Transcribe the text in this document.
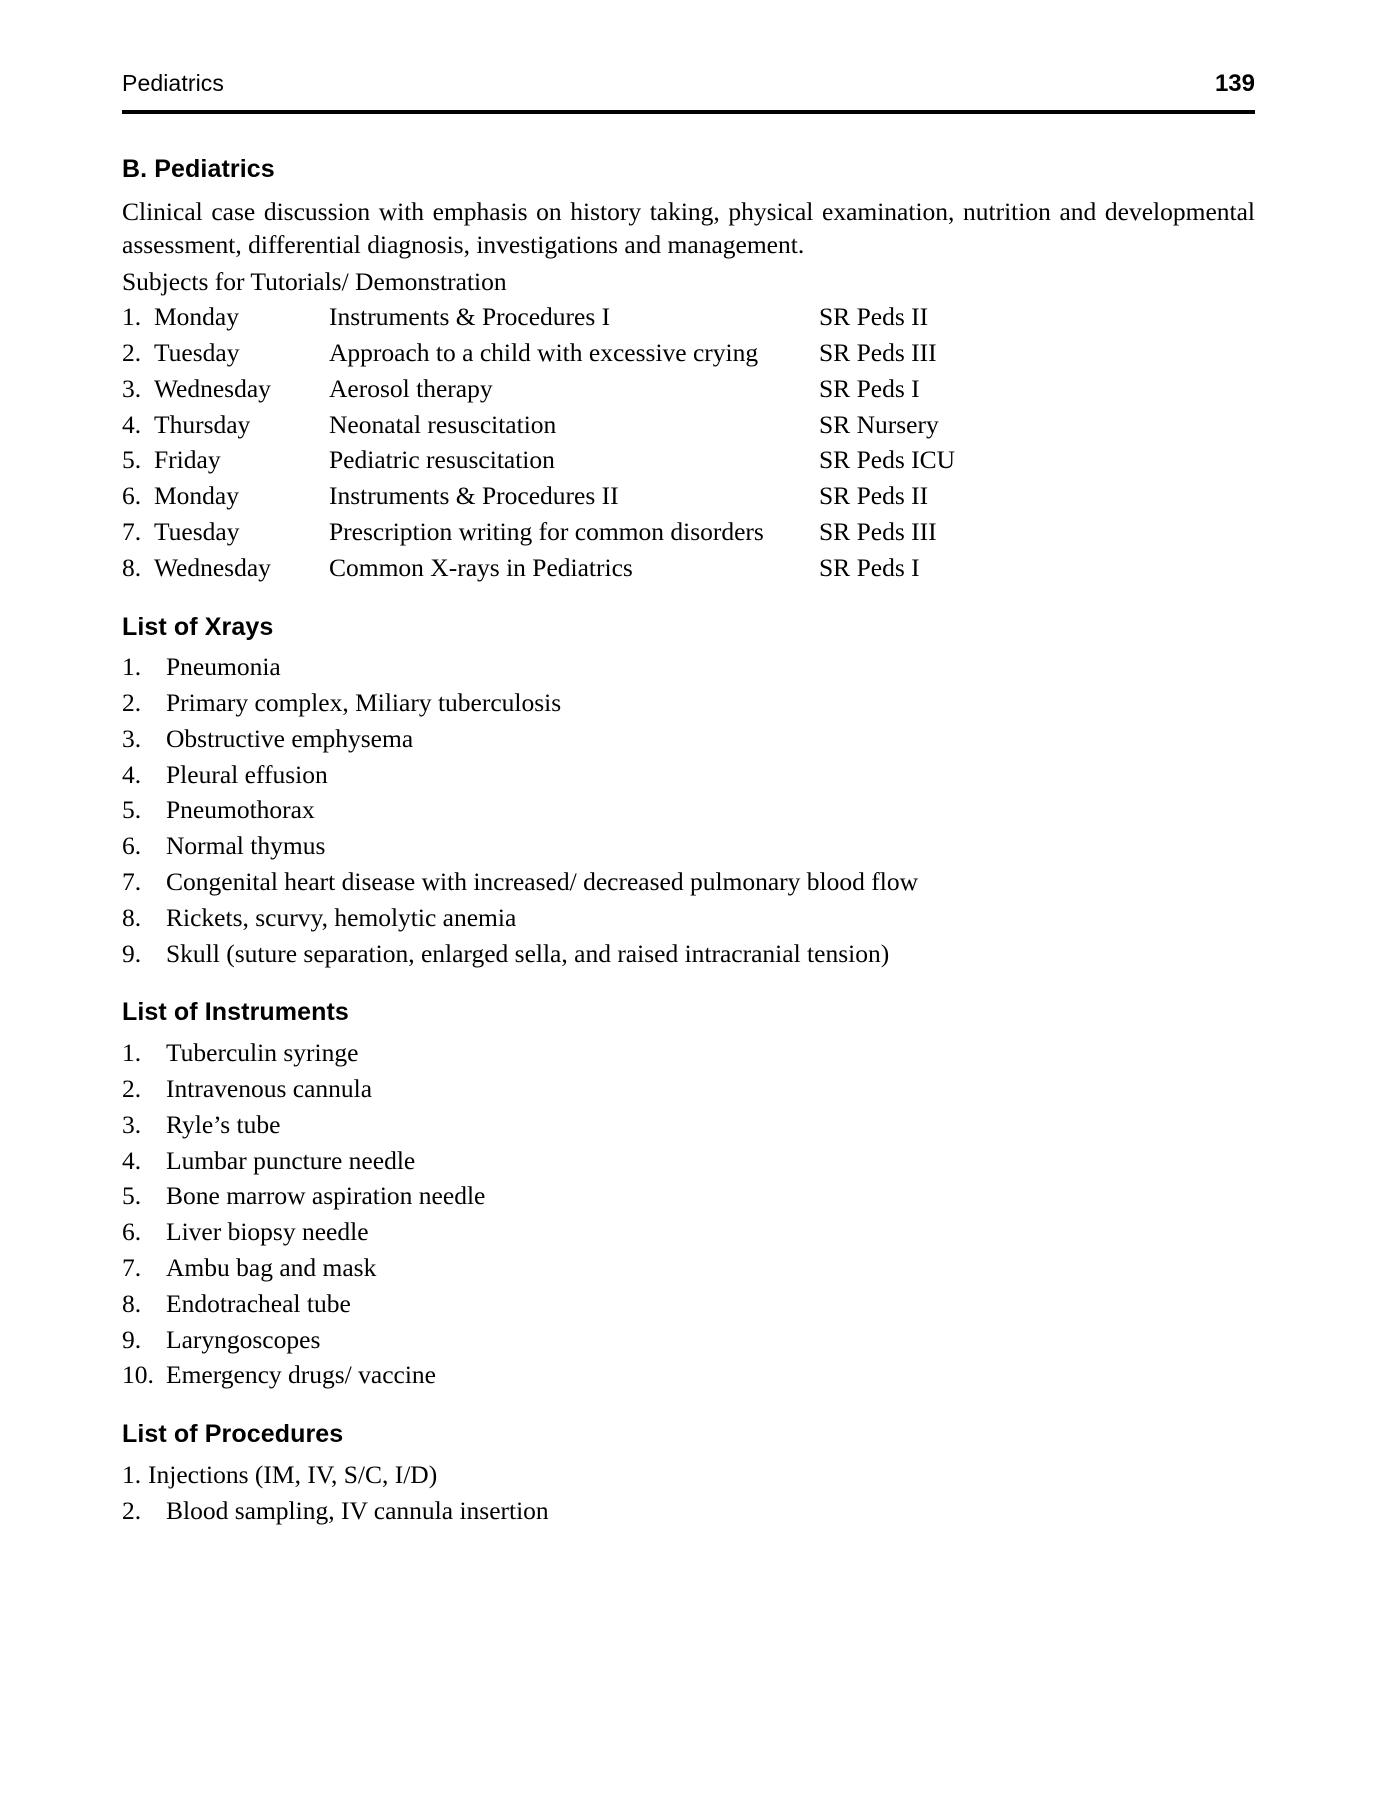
Pediatrics	139
B. Pediatrics

Clinical case discussion with emphasis on history taking, physical examination, nutrition and developmental assessment, differential diagnosis, investigations and management.

Subjects for Tutorials/ Demonstration

1. Monday	Instruments & Procedures I	SR Peds II
2. Tuesday	Approach to a child with excessive crying	SR Peds III
3. Wednesday	Aerosol therapy	SR Peds I
4. Thursday	Neonatal resuscitation	SR Nursery
5. Friday	Pediatric resuscitation	SR Peds ICU
6. Monday	Instruments & Procedures II	SR Peds II
7. Tuesday	Prescription writing for common disorders	SR Peds III
8. Wednesday	Common X-rays in Pediatrics	SR Peds I
List of Xrays
1. Pneumonia
2. Primary complex, Miliary tuberculosis
3. Obstructive emphysema
4. Pleural effusion
5. Pneumothorax
6. Normal thymus
7. Congenital heart disease with increased/ decreased pulmonary blood flow
8. Rickets, scurvy, hemolytic anemia
9. Skull (suture separation, enlarged sella, and raised intracranial tension)
List of Instruments
1. Tuberculin syringe
2. Intravenous cannula
3. Ryle’s tube
4. Lumbar puncture needle
5. Bone marrow aspiration needle
6. Liver biopsy needle
7. Ambu bag and mask
8. Endotracheal tube
9. Laryngoscopes
10. Emergency drugs/ vaccine
List of Procedures
1. Injections (IM, IV, S/C, I/D)
2. Blood sampling, IV cannula insertion
